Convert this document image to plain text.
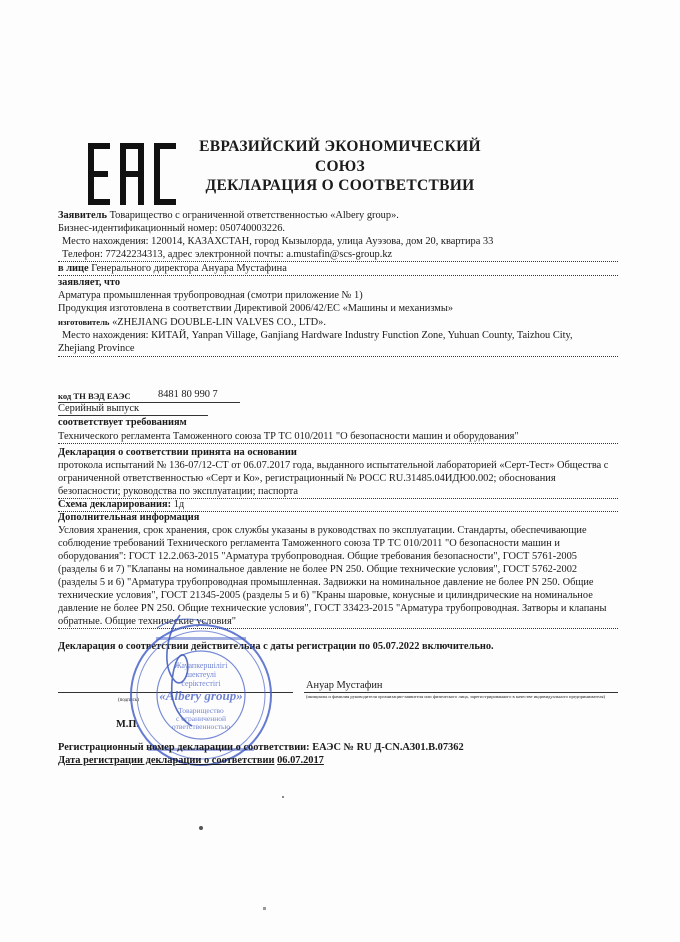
ЕВРАЗИЙСКИЙ ЭКОНОМИЧЕСКИЙ
СОЮЗ
ДЕКЛАРАЦИЯ О СООТВЕТСТВИИ
Заявитель Товарищество с ограниченной ответственностью «Albery group».
Бизнес-идентификационный номер: 050740003226.
Место нахождения: 120014, КАЗАХСТАН, город Кызылорда, улица Ауэзова, дом 20, квартира 33
Телефон: 77242234313, адрес электронной почты: a.mustafin@scs-group.kz
в лице Генерального директора Ануара Мустафина
заявляет, что
Арматура промышленная трубопроводная (смотри приложение № 1)
Продукция изготовлена в соответствии Директивой 2006/42/ЕС «Машины и механизмы»
изготовитель «ZHEJIANG DOUBLE-LIN VALVES CO., LTD».
Место нахождения: КИТАЙ, Yanpan Village, Ganjiang Hardware Industry Function Zone, Yuhuan County, Taizhou City,
Zhejiang Province
код ТН ВЭД ЕАЭС	8481 80 990 7
Серийный выпуск
соответствует требованиям
Технического регламента Таможенного союза ТР ТС 010/2011 "О безопасности машин и оборудования"
Декларация о соответствии принята на основании
протокола испытаний № 136-07/12-СТ от 06.07.2017 года, выданного испытательной лабораторией «Серт-Тест» Общества с
ограниченной ответственностью «Серт и Ко», регистрационный № РОСС RU.31485.04ИДЮ0.002; обоснования
безопасности; руководства по эксплуатации; паспорта
Схема декларирования: 1д
Дополнительная информация
Условия хранения, срок хранения, срок службы указаны в руководствах по эксплуатации. Стандарты, обеспечивающие
соблюдение требований Технического регламента Таможенного союза ТР ТС 010/2011 "О безопасности машин и
оборудования": ГОСТ 12.2.063-2015 "Арматура трубопроводная. Общие требования безопасности", ГОСТ 5761-2005
(разделы 6 и 7) "Клапаны на номинальное давление не более PN 250. Общие технические условия", ГОСТ 5762-2002
(разделы 5 и 6) "Арматура трубопроводная промышленная. Задвижки на номинальное давление не более PN 250. Общие
технические условия", ГОСТ 21345-2005 (разделы 5 и 6) "Краны шаровые, конусные и цилиндрические на номинальное
давление не более PN 250. Общие технические условия", ГОСТ 33423-2015 "Арматура трубопроводная. Затворы и клапаны
обратные. Общие технические условия"
Декларация о соответствии действительна с даты регистрации по 05.07.2022 включительно.
Ануар Мустафин
(подпись)
(инициалы и фамилия руководителя организации-заявителя или физического лица, зарегистрированного в качестве индивидуального предпринимателя)
М.П.
Жауапкершілігі
шектеулі
серіктестігі
«Albery group»
Товарищество
с ограниченной
ответственностью
Регистрационный номер декларации о соответствии: ЕАЭС № RU Д-CN.АЗ01.В.07362
Дата регистрации декларации о соответствии 06.07.2017
